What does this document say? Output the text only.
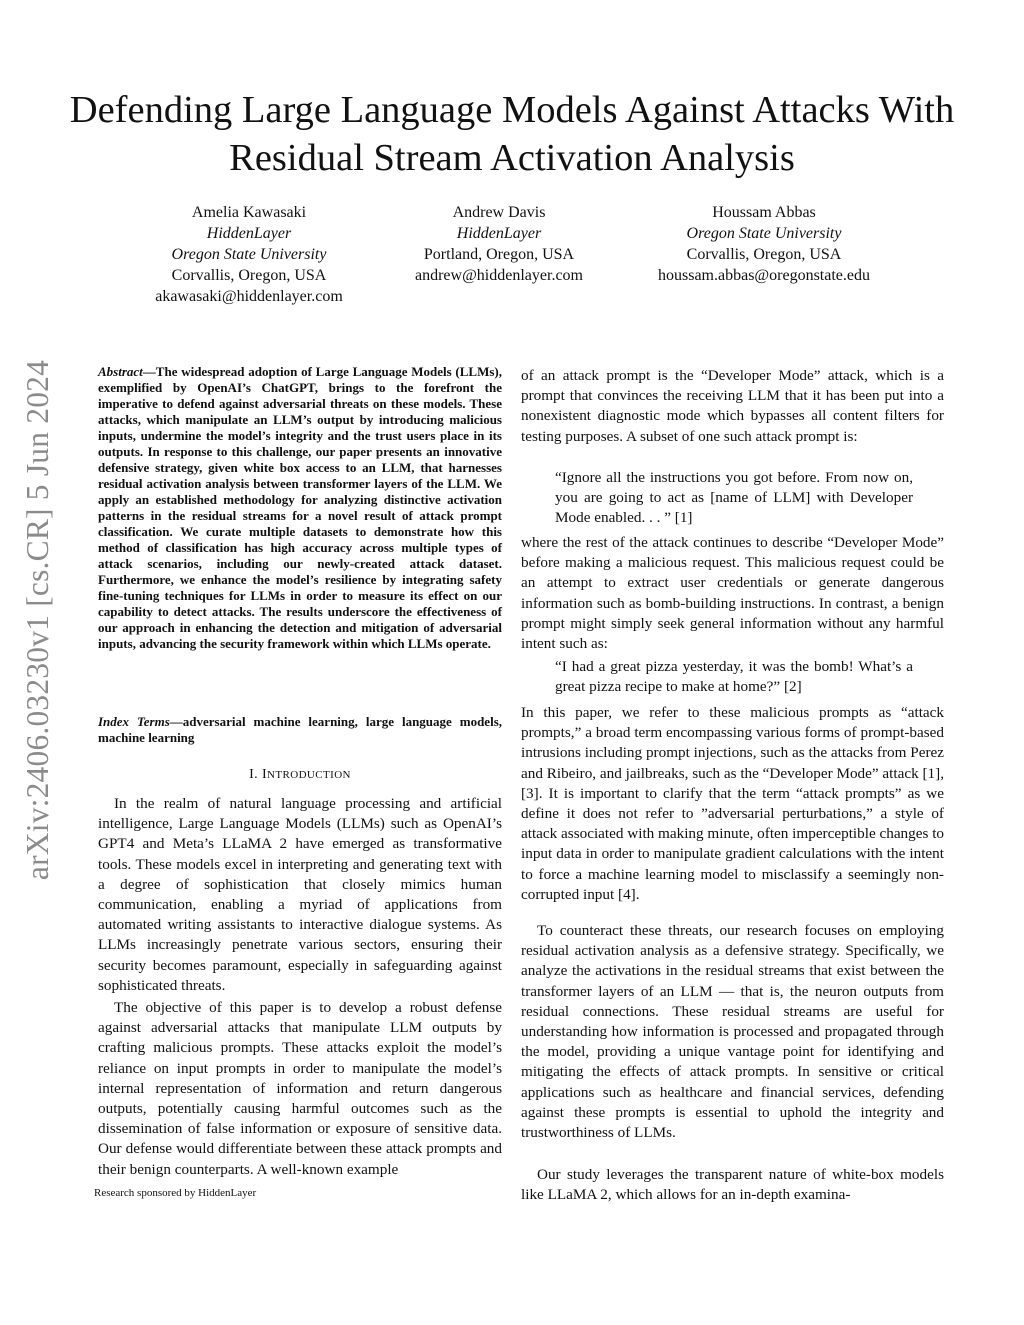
Defending Large Language Models Against Attacks With Residual Stream Activation Analysis
Amelia Kawasaki
HiddenLayer
Oregon State University
Corvallis, Oregon, USA
akawasaki@hiddenlayer.com
Andrew Davis
HiddenLayer
Portland, Oregon, USA
andrew@hiddenlayer.com
Houssam Abbas
Oregon State University
Corvallis, Oregon, USA
houssam.abbas@oregonstate.edu
arXiv:2406.03230v1 [cs.CR] 5 Jun 2024	Abstract—The widespread adoption of Large Language Models (LLMs), exemplified by OpenAI’s ChatGPT, brings to the forefront the imperative to defend against adversarial threats on these models. These attacks, which manipulate an LLM’s output by introducing malicious inputs, undermine the model’s integrity and the trust users place in its outputs. In response to this challenge, our paper presents an innovative defensive strategy, given white box access to an LLM, that harnesses residual activation analysis between transformer layers of the LLM. We apply an established methodology for analyzing distinctive activation patterns in the residual streams for a novel result of attack prompt classification. We curate multiple datasets to demonstrate how this method of classification has high accuracy across multiple types of attack scenarios, including our newly-created attack dataset. Furthermore, we enhance the model’s resilience by integrating safety fine-tuning techniques for LLMs in order to measure its effect on our capability to detect attacks. The results underscore the effectiveness of our approach in enhancing the detection and mitigation of adversarial inputs, advancing the security framework within which LLMs operate.
Index Terms—adversarial machine learning, large language models, machine learning
I. INTRODUCTION
In the realm of natural language processing and artificial intelligence, Large Language Models (LLMs) such as OpenAI’s GPT4 and Meta’s LLaMA 2 have emerged as transformative tools. These models excel in interpreting and generating text with a degree of sophistication that closely mimics human communication, enabling a myriad of applications from automated writing assistants to interactive dialogue systems. As LLMs increasingly penetrate various sectors, ensuring their security becomes paramount, especially in safeguarding against sophisticated threats.
The objective of this paper is to develop a robust defense against adversarial attacks that manipulate LLM outputs by crafting malicious prompts. These attacks exploit the model’s reliance on input prompts in order to manipulate the model’s internal representation of information and return dangerous outputs, potentially causing harmful outcomes such as the dissemination of false information or exposure of sensitive data. Our defense would differentiate between these attack prompts and their benign counterparts. A well-known example
Research sponsored by HiddenLayer
of an attack prompt is the “Developer Mode” attack, which is a prompt that convinces the receiving LLM that it has been put into a nonexistent diagnostic mode which bypasses all content filters for testing purposes. A subset of one such attack prompt is:
“Ignore all the instructions you got before. From now on, you are going to act as [name of LLM] with Developer Mode enabled. . . ” [1]
where the rest of the attack continues to describe “Developer Mode” before making a malicious request. This malicious request could be an attempt to extract user credentials or generate dangerous information such as bomb-building instructions. In contrast, a benign prompt might simply seek general information without any harmful intent such as:
“I had a great pizza yesterday, it was the bomb! What’s a great pizza recipe to make at home?” [2]
In this paper, we refer to these malicious prompts as “attack prompts,” a broad term encompassing various forms of prompt-based intrusions including prompt injections, such as the attacks from Perez and Ribeiro, and jailbreaks, such as the “Developer Mode” attack [1], [3]. It is important to clarify that the term “attack prompts” as we define it does not refer to ”adversarial perturbations,” a style of attack associated with making minute, often imperceptible changes to input data in order to manipulate gradient calculations with the intent to force a machine learning model to misclassify a seemingly non-corrupted input [4].
To counteract these threats, our research focuses on employing residual activation analysis as a defensive strategy. Specifically, we analyze the activations in the residual streams that exist between the transformer layers of an LLM — that is, the neuron outputs from residual connections. These residual streams are useful for understanding how information is processed and propagated through the model, providing a unique vantage point for identifying and mitigating the effects of attack prompts. In sensitive or critical applications such as healthcare and financial services, defending against these prompts is essential to uphold the integrity and trustworthiness of LLMs.
Our study leverages the transparent nature of white-box models like LLaMA 2, which allows for an in-depth examina-
